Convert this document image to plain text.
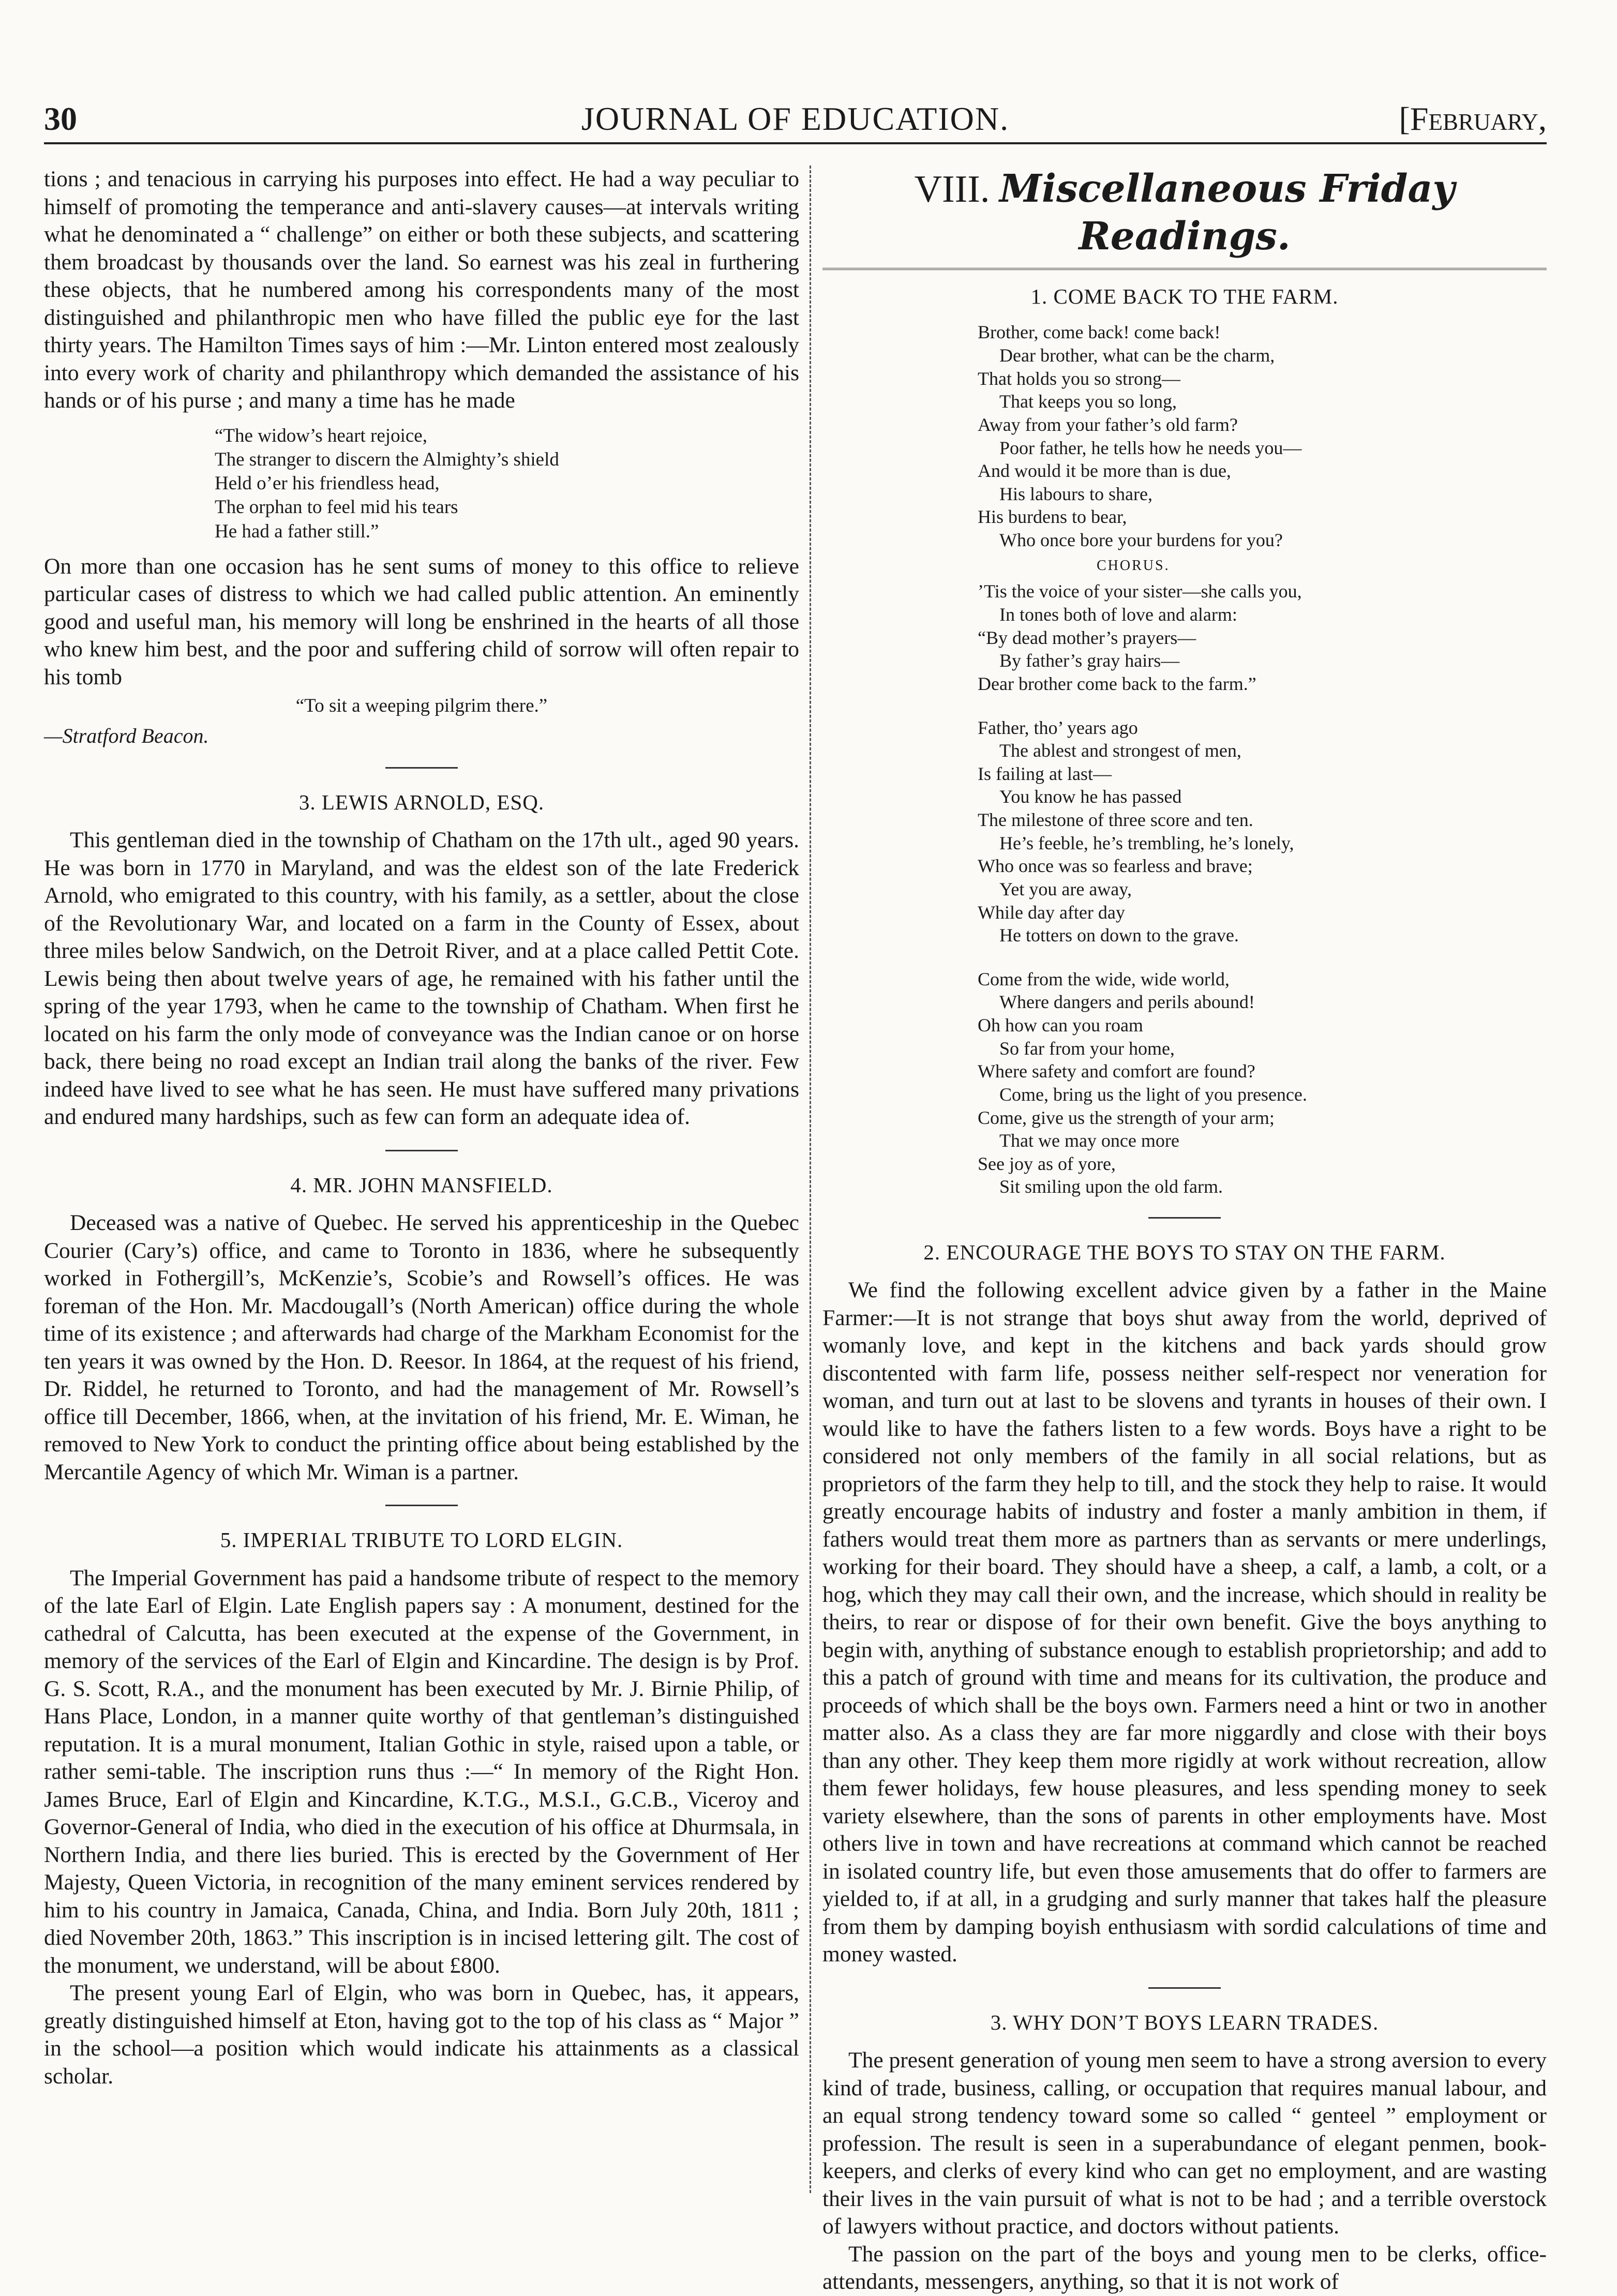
30	JOURNAL OF EDUCATION.	[February,

tions ; and tenacious in carrying his purposes into effect. He had a way peculiar to himself of promoting the temperance and anti-slavery causes—at intervals writing what he denominated a “ challenge” on either or both these subjects, and scattering them broadcast by thousands over the land. So earnest was his zeal in furthering these objects, that he numbered among his correspondents many of the most distinguished and philanthropic men who have filled the public eye for the last thirty years. The Hamilton Times says of him :—Mr. Linton entered most zealously into every work of charity and philanthropy which demanded the assistance of his hands or of his purse ; and many a time has he made

“The widow’s heart rejoice,
The stranger to discern the Almighty’s shield
Held o’er his friendless head,
The orphan to feel mid his tears
He had a father still.”

On more than one occasion has he sent sums of money to this office to relieve particular cases of distress to which we had called public attention. An eminently good and useful man, his memory will long be enshrined in the hearts of all those who knew him best, and the poor and suffering child of sorrow will often repair to his tomb

“To sit a weeping pilgrim there.”
—Stratford Beacon.
3. LEWIS ARNOLD, ESQ.

This gentleman died in the township of Chatham on the 17th ult., aged 90 years. He was born in 1770 in Maryland, and was the eldest son of the late Frederick Arnold, who emigrated to this country, with his family, as a settler, about the close of the Revolutionary War, and located on a farm in the County of Essex, about three miles below Sandwich, on the Detroit River, and at a place called Pettit Cote. Lewis being then about twelve years of age, he remained with his father until the spring of the year 1793, when he came to the township of Chatham. When first he located on his farm the only mode of conveyance was the Indian canoe or on horse back, there being no road except an Indian trail along the banks of the river. Few indeed have lived to see what he has seen. He must have suffered many privations and endured many hardships, such as few can form an adequate idea of.

4. MR. JOHN MANSFIELD.

Deceased was a native of Quebec. He served his apprenticeship in the Quebec Courier (Cary’s) office, and came to Toronto in 1836, where he subsequently worked in Fothergill’s, McKenzie’s, Scobie’s and Rowsell’s offices. He was foreman of the Hon. Mr. Macdougall’s (North American) office during the whole time of its existence ; and afterwards had charge of the Markham Economist for the ten years it was owned by the Hon. D. Reesor. In 1864, at the request of his friend, Dr. Riddel, he returned to Toronto, and had the management of Mr. Rowsell’s office till December, 1866, when, at the invitation of his friend, Mr. E. Wiman, he removed to New York to conduct the printing office about being established by the Mercantile Agency of which Mr. Wiman is a partner.

5. IMPERIAL TRIBUTE TO LORD ELGIN.

The Imperial Government has paid a handsome tribute of respect to the memory of the late Earl of Elgin. Late English papers say : A monument, destined for the cathedral of Calcutta, has been executed at the expense of the Government, in memory of the services of the Earl of Elgin and Kincardine. The design is by Prof. G. S. Scott, R.A., and the monument has been executed by Mr. J. Birnie Philip, of Hans Place, London, in a manner quite worthy of that gentleman’s distinguished reputation. It is a mural monument, Italian Gothic in style, raised upon a table, or rather semi-table. The inscription runs thus :—“ In memory of the Right Hon. James Bruce, Earl of Elgin and Kincardine, K.T.G., M.S.I., G.C.B., Viceroy and Governor-General of India, who died in the execution of his office at Dhurmsala, in Northern India, and there lies buried. This is erected by the Government of Her Majesty, Queen Victoria, in recognition of the many eminent services rendered by him to his country in Jamaica, Canada, China, and India. Born July 20th, 1811 ; died November 20th, 1863.” This inscription is in incised lettering gilt. The cost of the monument, we understand, will be about £800.

The present young Earl of Elgin, who was born in Quebec, has, it appears, greatly distinguished himself at Eton, having got to the top of his class as “ Major ” in the school—a position which would indicate his attainments as a classical scholar.

VIII. Miscellaneous Friday Readings.
1. COME BACK TO THE FARM.
Brother, come back! come back!
Dear brother, what can be the charm,
That holds you so strong—
That keeps you so long,
Away from your father’s old farm?
Poor father, he tells how he needs you—
And would it be more than is due,
His labours to share,
His burdens to bear,
Who once bore your burdens for you?
CHORUS.
’Tis the voice of your sister—she calls you,
In tones both of love and alarm:
“By dead mother’s prayers—
By father’s gray hairs—
Dear brother come back to the farm.”
Father, tho’ years ago
The ablest and strongest of men,
Is failing at last—
You know he has passed
The milestone of three score and ten.
He’s feeble, he’s trembling, he’s lonely,
Who once was so fearless and brave;
Yet you are away,
While day after day
He totters on down to the grave.
Come from the wide, wide world,
Where dangers and perils abound!
Oh how can you roam
So far from your home,
Where safety and comfort are found?
Come, bring us the light of you presence.
Come, give us the strength of your arm;
That we may once more
See joy as of yore,
Sit smiling upon the old farm.
2. ENCOURAGE THE BOYS TO STAY ON THE FARM.

We find the following excellent advice given by a father in the Maine Farmer:—It is not strange that boys shut away from the world, deprived of womanly love, and kept in the kitchens and back yards should grow discontented with farm life, possess neither self-respect nor veneration for woman, and turn out at last to be slovens and tyrants in houses of their own. I would like to have the fathers listen to a few words. Boys have a right to be considered not only members of the family in all social relations, but as proprietors of the farm they help to till, and the stock they help to raise. It would greatly encourage habits of industry and foster a manly ambition in them, if fathers would treat them more as partners than as servants or mere underlings, working for their board. They should have a sheep, a calf, a lamb, a colt, or a hog, which they may call their own, and the increase, which should in reality be theirs, to rear or dispose of for their own benefit. Give the boys anything to begin with, anything of substance enough to establish proprietorship; and add to this a patch of ground with time and means for its cultivation, the produce and proceeds of which shall be the boys own. Farmers need a hint or two in another matter also. As a class they are far more niggardly and close with their boys than any other. They keep them more rigidly at work without recreation, allow them fewer holidays, few house pleasures, and less spending money to seek variety elsewhere, than the sons of parents in other employments have. Most others live in town and have recreations at command which cannot be reached in isolated country life, but even those amusements that do offer to farmers are yielded to, if at all, in a grudging and surly manner that takes half the pleasure from them by damping boyish enthusiasm with sordid calculations of time and money wasted.

3. WHY DON’T BOYS LEARN TRADES.

The present generation of young men seem to have a strong aversion to every kind of trade, business, calling, or occupation that requires manual labour, and an equal strong tendency toward some so called “ genteel ” employment or profession. The result is seen in a superabundance of elegant penmen, book-keepers, and clerks of every kind who can get no employment, and are wasting their lives in the vain pursuit of what is not to be had ; and a terrible overstock of lawyers without practice, and doctors without patients.

The passion on the part of the boys and young men to be clerks, office-attendants, messengers, anything, so that it is not work of
